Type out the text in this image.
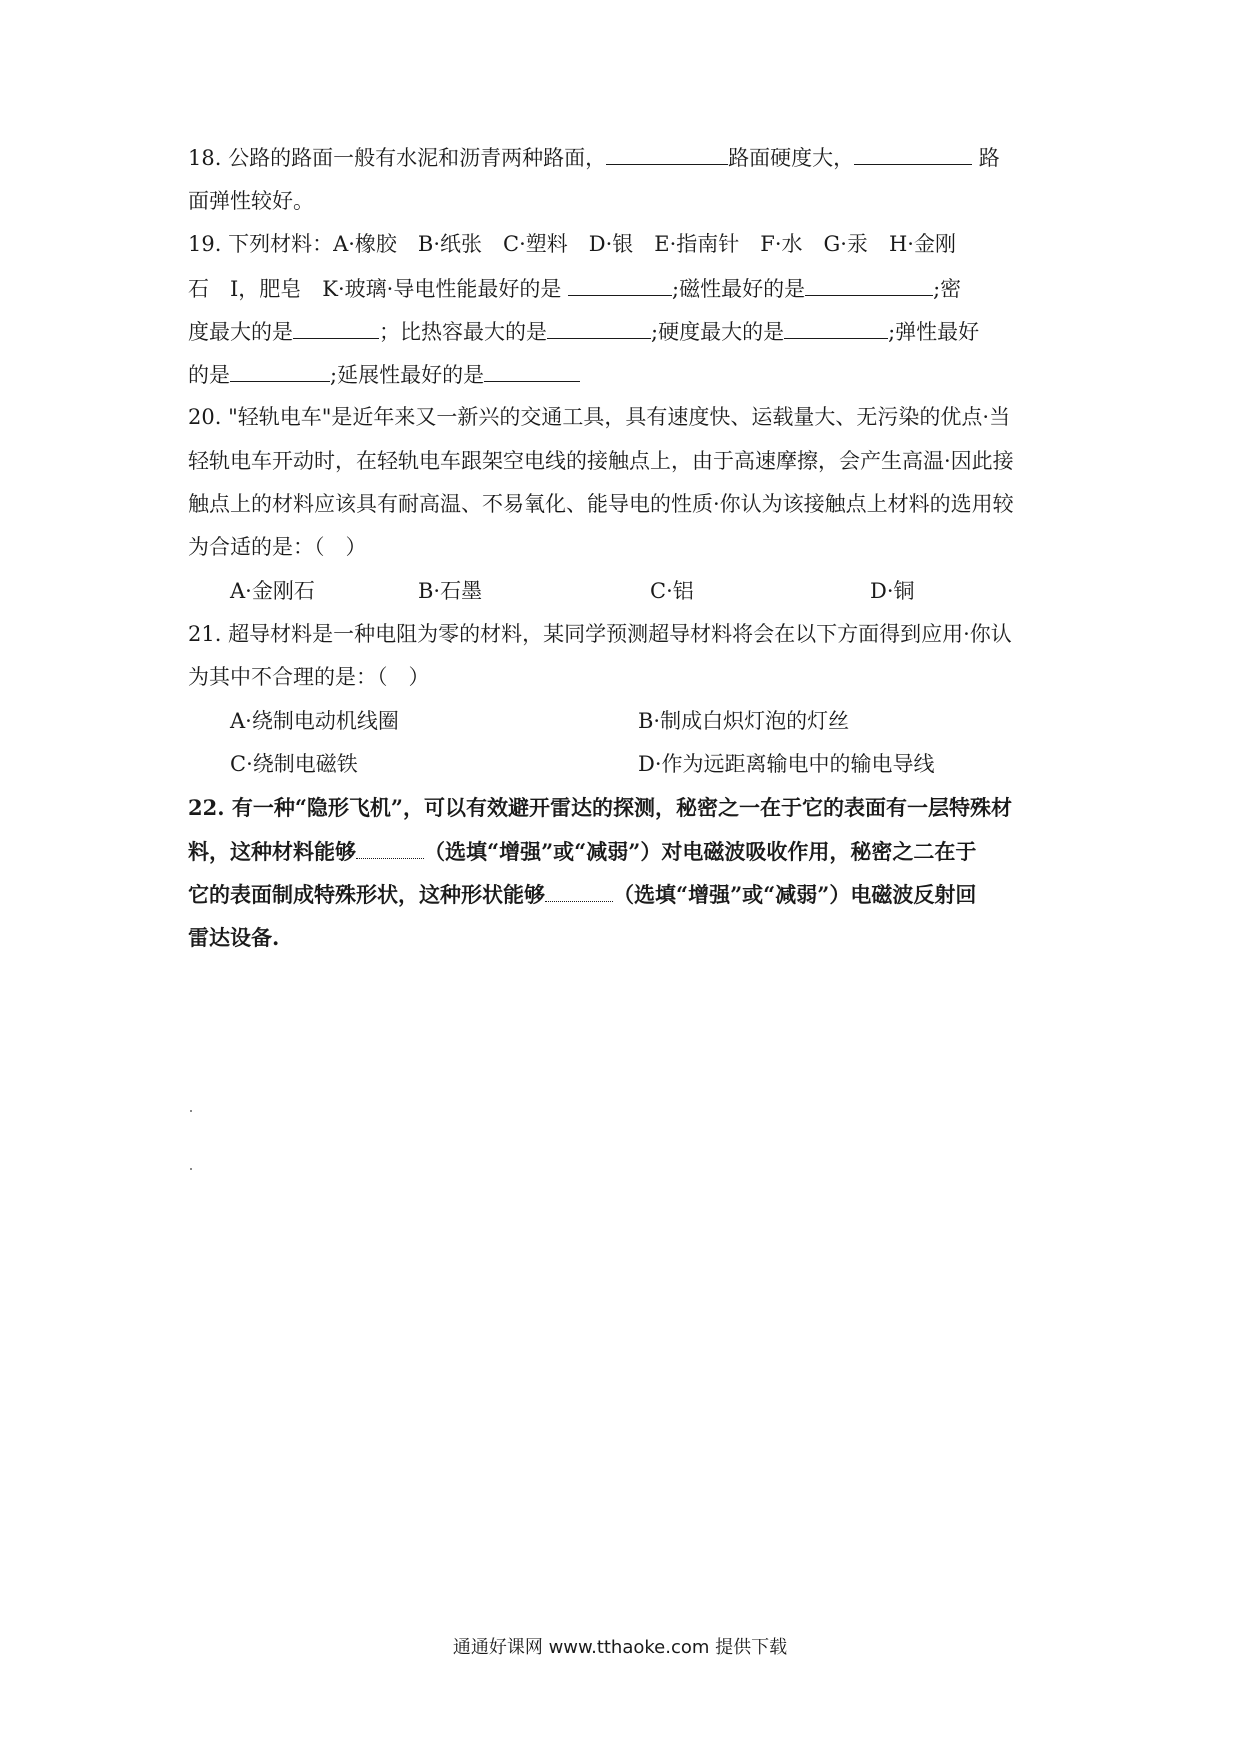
18. 公路的路面一般有水泥和沥青两种路面，	路面硬度大，	路
面弹性较好。
19. 下列材料：A·橡胶　B·纸张　C·塑料　D·银　E·指南针　F·水　G·汞　H·金刚
石　I，肥皂　K·玻璃·导电性能最好的是	;磁性最好的是	;密
度最大的是	；比热容最大的是	;硬度最大的是	;弹性最好
的是	;延展性最好的是
20. "轻轨电车"是近年来又一新兴的交通工具，具有速度快、运载量大、无污染的优点·当
轻轨电车开动时，在轻轨电车跟架空电线的接触点上，由于高速摩擦，会产生高温·因此接
触点上的材料应该具有耐高温、不易氧化、能导电的性质·你认为该接触点上材料的选用较
为合适的是：（　）
A·金刚石	B·石墨	C·铝	D·铜
21. 超导材料是一种电阻为零的材料，某同学预测超导材料将会在以下方面得到应用·你认
为其中不合理的是：（　）
A·绕制电动机线圈	B·制成白炽灯泡的灯丝
C·绕制电磁铁	D·作为远距离输电中的输电导线
22. 有一种“隐形飞机”，可以有效避开雷达的探测，秘密之一在于它的表面有一层特殊材
料，这种材料能够	（选填“增强”或“减弱”）对电磁波吸收作用，秘密之二在于
它的表面制成特殊形状，这种形状能够	（选填“增强”或“减弱”）电磁波反射回
雷达设备.
通通好课网 www.tthaoke.com 提供下载
